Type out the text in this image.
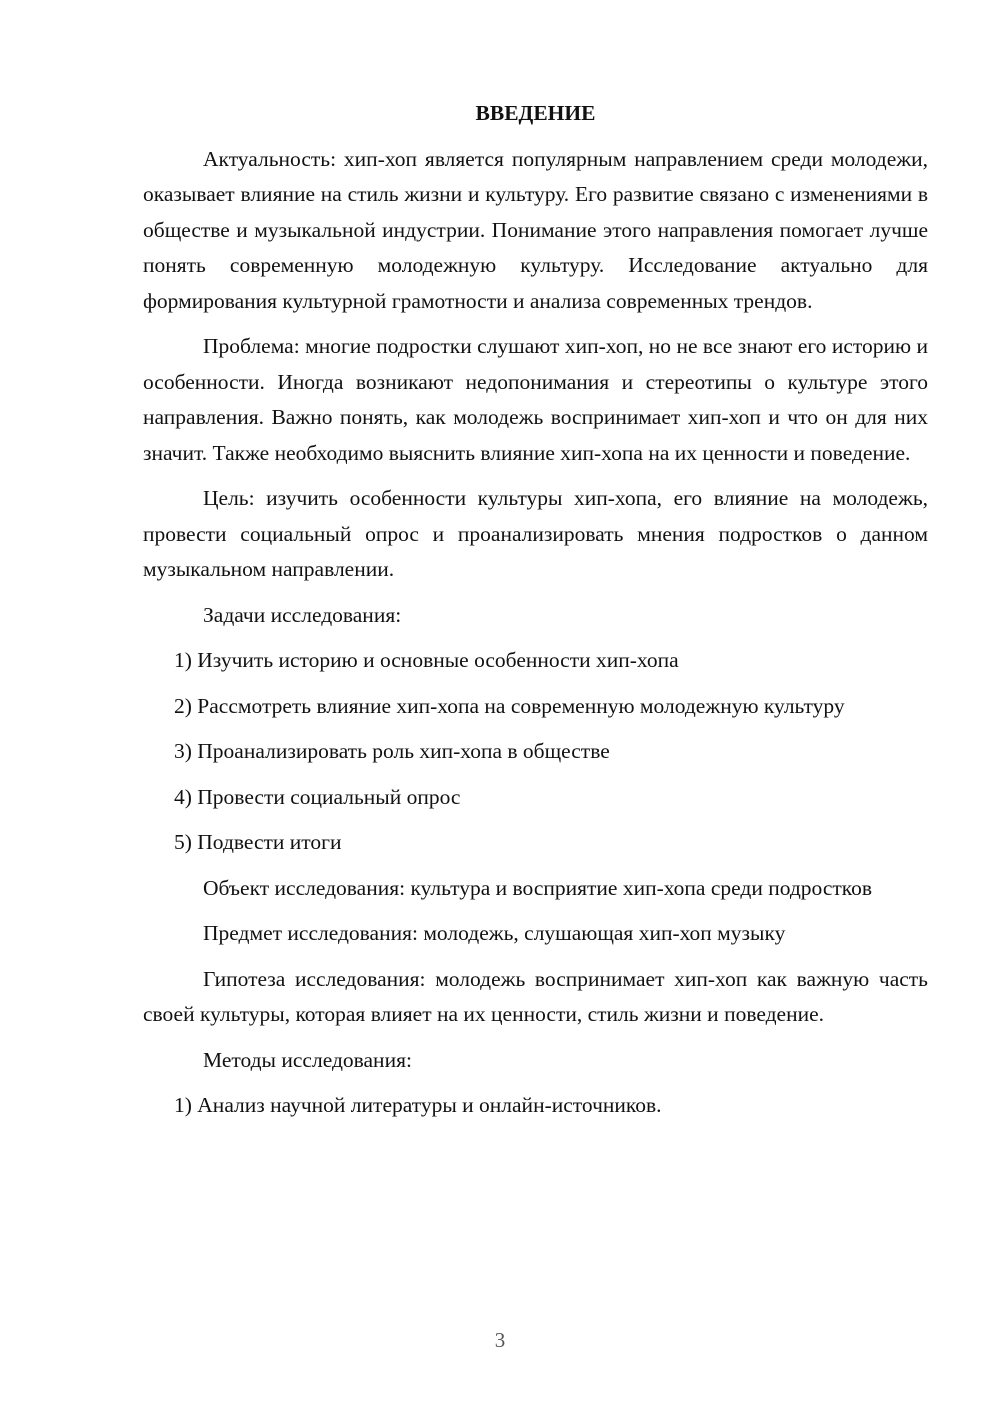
ВВЕДЕНИЕ

Актуальность: хип-хоп является популярным направлением среди молодежи, оказывает влияние на стиль жизни и культуру. Его развитие связано с изменениями в обществе и музыкальной индустрии. Понимание этого направления помогает лучше понять современную молодежную культуру. Исследование актуально для формирования культурной грамотности и анализа современных трендов.

Проблема: многие подростки слушают хип-хоп, но не все знают его историю и особенности. Иногда возникают недопонимания и стереотипы о культуре этого направления. Важно понять, как молодежь воспринимает хип-хоп и что он для них значит. Также необходимо выяснить влияние хип-хопа на их ценности и поведение.

Цель: изучить особенности культуры хип-хопа, его влияние на молодежь, провести социальный опрос и проанализировать мнения подростков о данном музыкальном направлении.

Задачи исследования:

1) Изучить историю и основные особенности хип-хопа

2) Рассмотреть влияние хип-хопа на современную молодежную культуру

3) Проанализировать роль хип-хопа в обществе

4) Провести социальный опрос

5) Подвести итоги

Объект исследования: культура и восприятие хип-хопа среди подростков

Предмет исследования: молодежь, слушающая хип-хоп музыку

Гипотеза исследования: молодежь воспринимает хип-хоп как важную часть своей культуры, которая влияет на их ценности, стиль жизни и поведение.

Методы исследования:

1) Анализ научной литературы и онлайн-источников.

3
